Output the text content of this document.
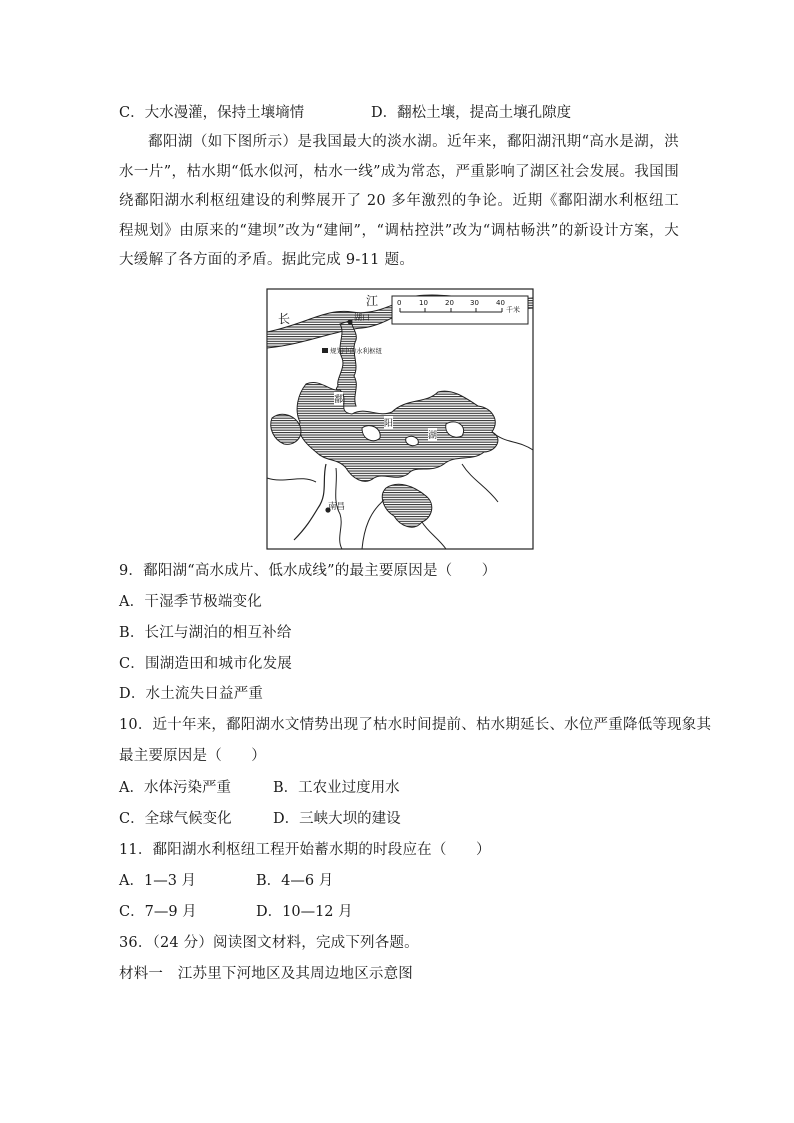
C．大水漫灌，保持土壤墒情	D．翻松土壤，提高土壤孔隙度
鄱阳湖（如下图所示）是我国最大的淡水湖。近年来，鄱阳湖汛期“高水是湖，洪水一片”，枯水期“低水似河，枯水一线”成为常态，严重影响了湖区社会发展。我国围绕鄱阳湖水利枢纽建设的利弊展开了 20 多年激烈的争论。近期《鄱阳湖水利枢纽工程规划》由原来的“建坝”改为“建闸”，“调枯控洪”改为“调枯畅洪”的新设计方案，大大缓解了各方面的矛盾。据此完成 9-11 题。
长
江
湖口
规划中的水利枢纽
南昌
鄱
阳
湖
0	10 20 30 40
千米
9．鄱阳湖“高水成片、低水成线”的最主要原因是（　　）
A．干湿季节极端变化
B．长江与湖泊的相互补给
C．围湖造田和城市化发展
D．水土流失日益严重
10．近十年来，鄱阳湖水文情势出现了枯水时间提前、枯水期延长、水位严重降低等现象其
最主要原因是（　　）
A．水体污染严重	B．工农业过度用水
C．全球气候变化	D．三峡大坝的建设
11．鄱阳湖水利枢纽工程开始蓄水期的时段应在（　　）
A．1—3 月	B．4—6 月
C．7—9 月	D．10—12 月
36．（24 分）阅读图文材料，完成下列各题。
材料一　江苏里下河地区及其周边地区示意图
